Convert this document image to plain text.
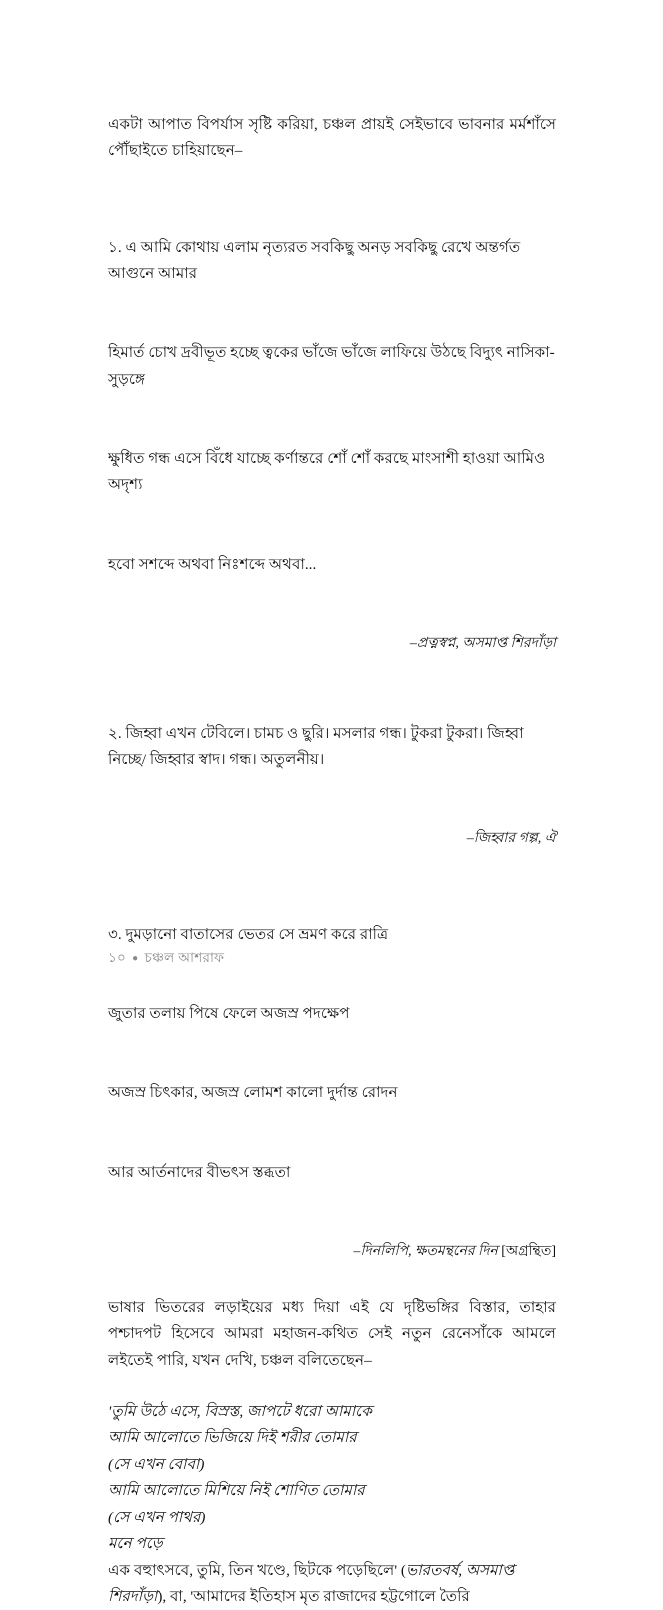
একটা আপাত বিপর্যাস সৃষ্টি করিয়া, চঞ্চল প্রায়ই সেইভাবে ভাবনার মর্মশাঁসে পৌঁছাইতে চাহিয়াছেন–

১. এ আমি কোথায় এলাম নৃত্যরত সবকিছু অনড় সবকিছু রেখে অন্তর্গত আগুনে আমার

হিমার্ত চোখ দ্রবীভূত হচ্ছে ত্বকের ভাঁজে ভাঁজে লাফিয়ে উঠছে বিদ্যুৎ নাসিকা-সুড়ঙ্গে

ক্ষুধিত গন্ধ এসে বিঁধে যাচ্ছে কর্ণান্তরে শোঁ শোঁ করছে মাংসাশী হাওয়া আমিও অদৃশ্য

হবো সশব্দে অথবা নিঃশব্দে অথবা...

–প্রত্নস্বপ্ন, অসমাপ্ত শিরদাঁড়া

২. জিহ্বা এখন টেবিলে। চামচ ও ছুরি। মসলার গন্ধ। টুকরা টুকরা। জিহ্বা নিচ্ছে/ জিহ্বার স্বাদ। গন্ধ। অতুলনীয়।

–জিহ্বার গল্প, ঐ

৩. দুমড়ানো বাতাসের ভেতর সে ভ্রমণ করে রাত্রি

জুতার তলায় পিষে ফেলে অজস্র পদক্ষেপ

অজস্র চিৎকার, অজস্র লোমশ কালো দুর্দান্ত রোদন

আর আর্তনাদের বীভৎস স্তব্ধতা

–দিনলিপি, ক্ষতমন্থনের দিন [অগ্রন্থিত]

ভাষার ভিতরের লড়াইয়ের মধ্য দিয়া এই যে দৃষ্টিভঙ্গির বিস্তার, তাহার পশ্চাদপট হিসেবে আমরা মহাজন-কথিত সেই নতুন রেনেসাঁকে আমলে লইতেই পারি, যখন দেখি, চঞ্চল বলিতেছেন–

'তুমি উঠে এসে, বিস্রস্ত, জাপটে ধরো আমাকে
আমি আলোতে ভিজিয়ে দিই শরীর তোমার
(সে এখন বোবা)
আমি আলোতে মিশিয়ে নিই শোণিত তোমার
(সে এখন পাথর)
মনে পড়ে
এক বহুাৎসবে, তুমি, তিন খণ্ডে, ছিটকে পড়েছিলে' (ভারতবর্ষ, অসমাপ্ত শিরদাঁড়া), বা, 'আমাদের ইতিহাস মৃত রাজাদের হট্টগোলে তৈরি
১০ ● চঞ্চল আশরাফ
